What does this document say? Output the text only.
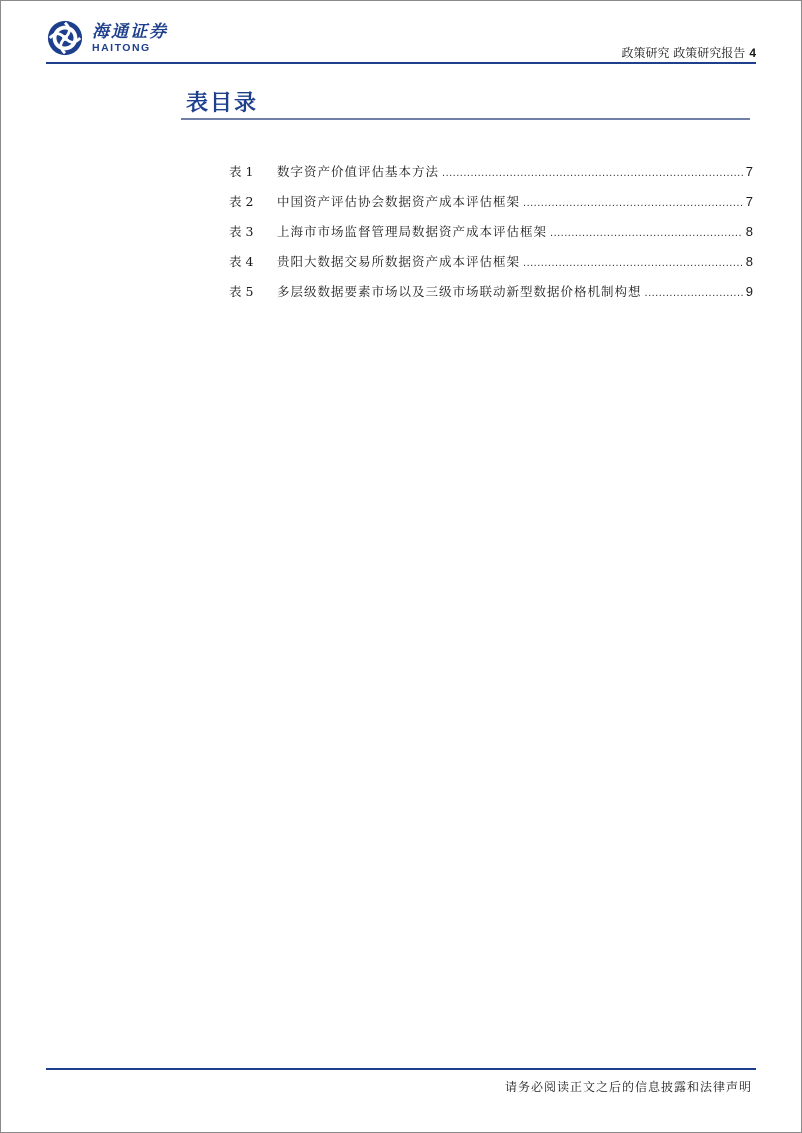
海通证券
HAITONG	政策研究 政策研究报告 4
表目录
表 1	数字资产价值评估基本方法 .....	7
表 2	中国资产评估协会数据资产成本评估框架 .....	7
表 3	上海市市场监督管理局数据资产成本评估框架 .....	8
表 4	贵阳大数据交易所数据资产成本评估框架 .....	8
表 5	多层级数据要素市场以及三级市场联动新型数据价格机制构想 .....	9
请务必阅读正文之后的信息披露和法律声明
